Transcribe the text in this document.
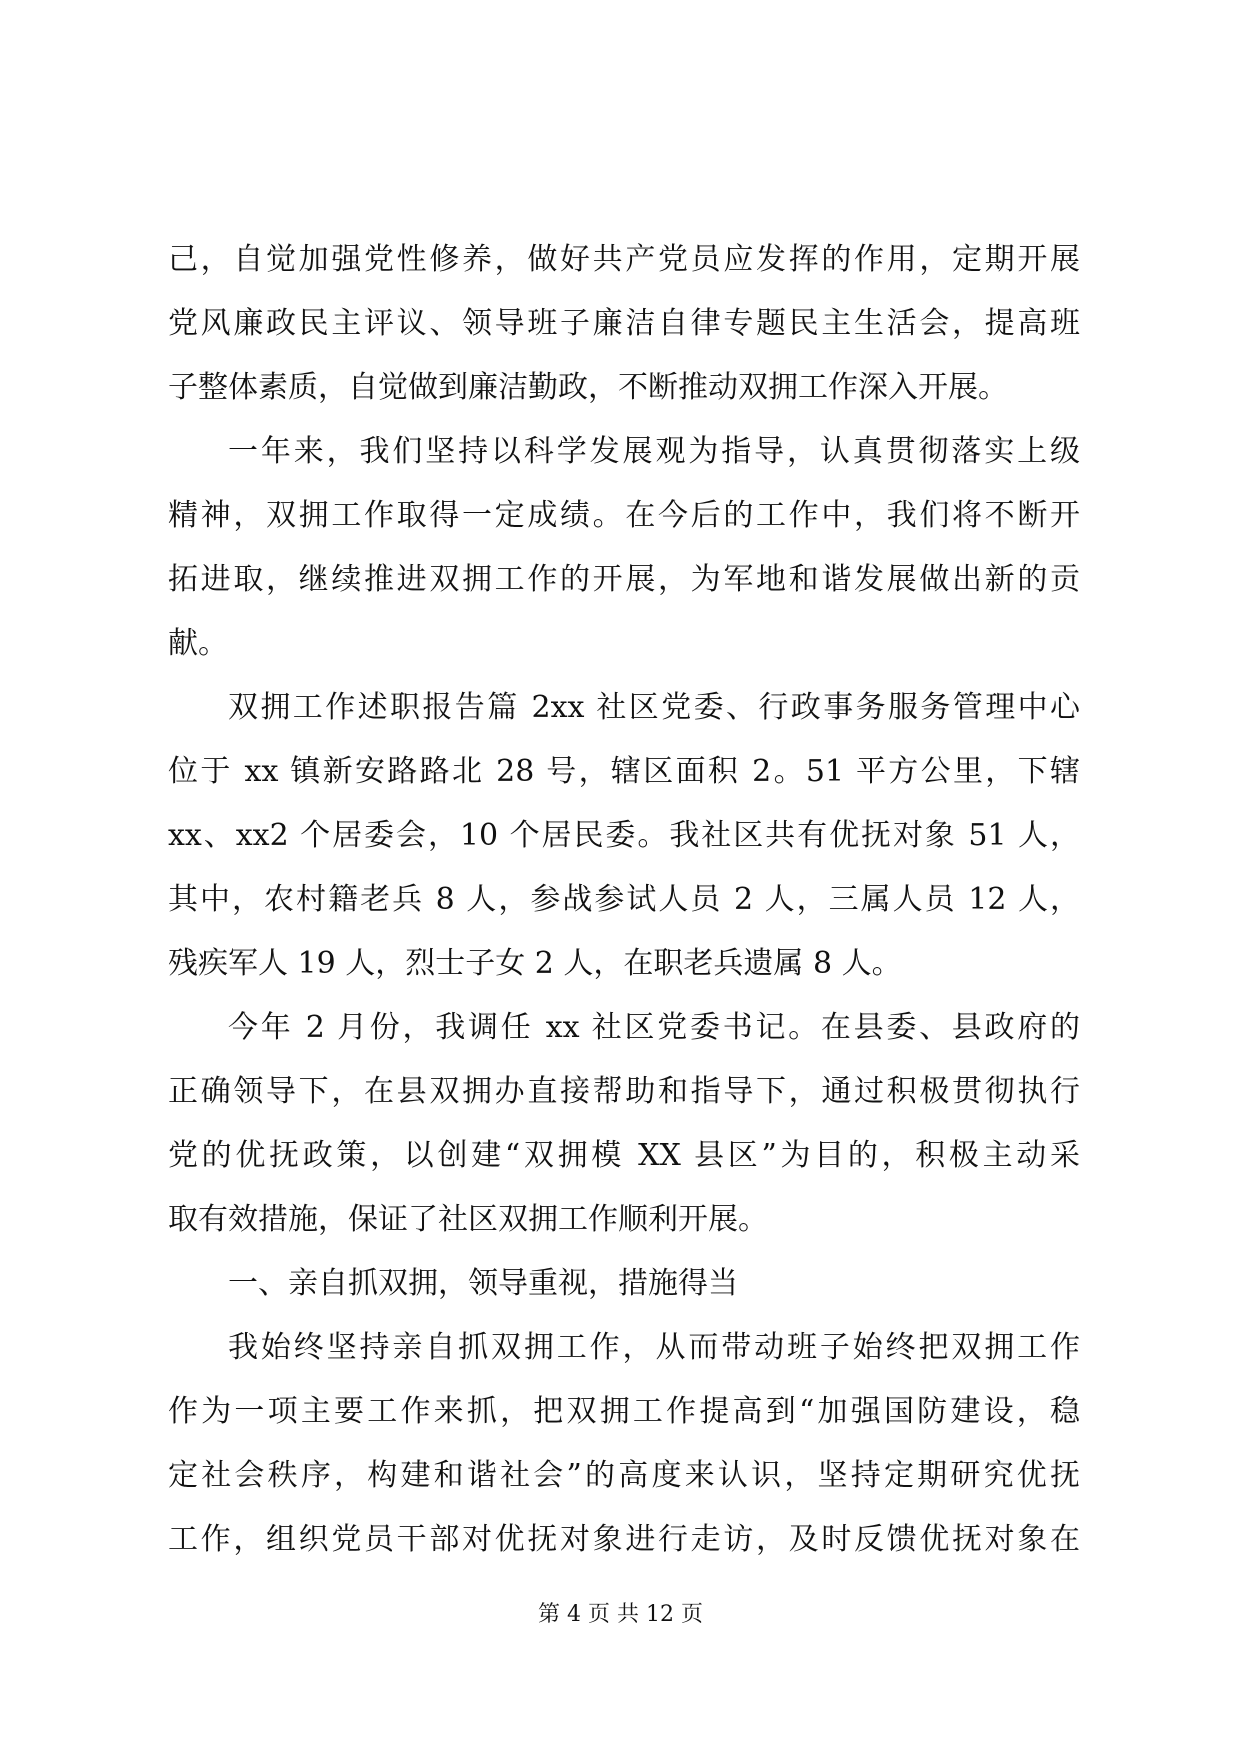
己，自觉加强党性修养，做好共产党员应发挥的作用，定期开展
党风廉政民主评议、领导班子廉洁自律专题民主生活会，提高班
子整体素质，自觉做到廉洁勤政，不断推动双拥工作深入开展。
一年来，我们坚持以科学发展观为指导，认真贯彻落实上级
精神，双拥工作取得一定成绩。在今后的工作中，我们将不断开
拓进取，继续推进双拥工作的开展，为军地和谐发展做出新的贡
献。
双拥工作述职报告篇 2xx 社区党委、行政事务服务管理中心
位于 xx 镇新安路路北 28 号，辖区面积 2。51 平方公里，下辖
xx、xx2 个居委会，10 个居民委。我社区共有优抚对象 51 人，
其中，农村籍老兵 8 人，参战参试人员 2 人，三属人员 12 人，
残疾军人 19 人，烈士子女 2 人，在职老兵遗属 8 人。
今年 2 月份，我调任 xx 社区党委书记。在县委、县政府的
正确领导下，在县双拥办直接帮助和指导下，通过积极贯彻执行
党的优抚政策，以创建“双拥模 XX 县区”为目的，积极主动采
取有效措施，保证了社区双拥工作顺利开展。
一、亲自抓双拥，领导重视，措施得当
我始终坚持亲自抓双拥工作，从而带动班子始终把双拥工作
作为一项主要工作来抓，把双拥工作提高到“加强国防建设，稳
定社会秩序，构建和谐社会”的高度来认识，坚持定期研究优抚
工作，组织党员干部对优抚对象进行走访，及时反馈优抚对象在
第 4 页 共 12 页
